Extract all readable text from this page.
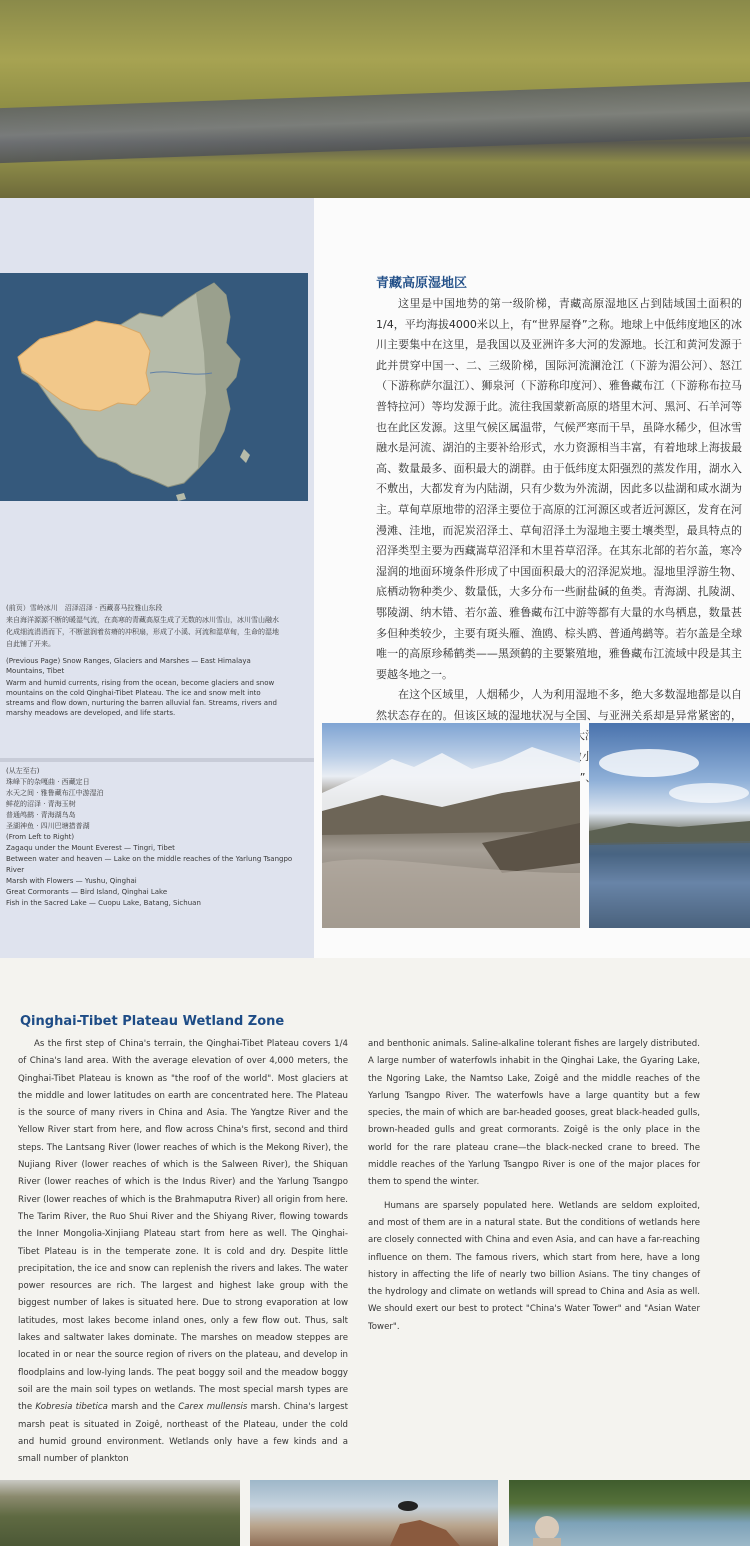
(前页）雪岭冰川　沼泽沼泽 · 西藏喜马拉雅山东段
来自海洋源源不断的暖湿气流，在高寒的青藏高原生成了无数的冰川雪山，冰川雪山融水化成细流涓涓而下，不断滋润着贫瘠的冲积扇，形成了小溪、河流和湿草甸，生命的湿地自此铺了开来。
(Previous Page) Snow Ranges, Glaciers and Marshes — East Himalaya Mountains, Tibet
Warm and humid currents, rising from the ocean, become glaciers and snow mountains on the cold Qinghai-Tibet Plateau. The ice and snow melt into streams and flow down, nurturing the barren alluvial fan. Streams, rivers and marshy meadows are developed, and life starts.
(从左至右)
珠峰下的杂嘎曲 · 西藏定日
水天之间 · 雅鲁藏布江中游湿泊
鲜花的沼泽 · 青海玉树
普通鸬鹚 · 青海湖鸟岛
圣湖神鱼 · 四川巴塘措普湖
(From Left to Right)
Zagaqu under the Mount Everest — Tingri, Tibet
Between water and heaven — Lake on the middle reaches of the Yarlung Tsangpo River
Marsh with Flowers — Yushu, Qinghai
Great Cormorants — Bird Island, Qinghai Lake
Fish in the Sacred Lake — Cuopu Lake, Batang, Sichuan
青藏高原湿地区

这里是中国地势的第一级阶梯，青藏高原湿地区占到陆域国土面积的1/4，平均海拔4000米以上，有“世界屋脊”之称。地球上中低纬度地区的冰川主要集中在这里，是我国以及亚洲许多大河的发源地。长江和黄河发源于此并贯穿中国一、二、三级阶梯，国际河流澜沧江（下游为湄公河）、怒江（下游称萨尔温江）、狮泉河（下游称印度河）、雅鲁藏布江（下游称布拉马普特拉河）等均发源于此。流往我国蒙新高原的塔里木河、黑河、石羊河等也在此区发源。这里气候区属温带，气候严寒而干旱，虽降水稀少，但冰雪融水是河流、湖泊的主要补给形式，水力资源相当丰富，有着地球上海拔最高、数量最多、面积最大的湖群。由于低纬度太阳强烈的蒸发作用，湖水入不敷出，大都发育为内陆湖，只有少数为外流湖，因此多以盐湖和咸水湖为主。草甸草原地带的沼泽主要位于高原的江河源区或者近河源区，发育在河漫滩、洼地，而泥炭沼泽土、草甸沼泽土为湿地主要土壤类型，最具特点的沼泽类型主要为西藏嵩草沼泽和木里苔草沼泽。在其东北部的若尔盖，寒冷湿润的地面环境条件形成了中国面积最大的沼泽泥炭地。湿地里浮游生物、底栖动物种类少、数量低，大多分布一些耐盐碱的鱼类。青海湖、扎陵湖、鄂陵湖、纳木错、若尔盖、雅鲁藏布江中游等都有大量的水鸟栖息，数量甚多但种类较少，主要有斑头雁、渔鸥、棕头鸥、普通鸬鹚等。若尔盖是全球唯一的高原珍稀鹤类——黑颈鹤的主要繁殖地，雅鲁藏布江流域中段是其主要越冬地之一。

在这个区域里，人烟稀少，人为利用湿地不多，绝大多数湿地都是以自然状态存在的。但该区域的湿地状况与全国、与亚洲关系却是异常紧密的， 微小变 ”

Qinghai-Tibet Plateau Wetland Zone

As the first step of China's terrain, the Qinghai-Tibet Plateau covers 1/4 of China's land area. With the average elevation of over 4,000 meters, the Qinghai-Tibet Plateau is known as "the roof of the world". Most glaciers at the middle and lower latitudes on earth are concentrated here. The Plateau is the source of many rivers in China and Asia. The Yangtze River and the Yellow River start from here, and flow across China's first, second and third steps. The Lantsang River (lower reaches of which is the Mekong River), the Nujiang River (lower reaches of which is the Salween River), the Shiquan River (lower reaches of which is the Indus River) and the Yarlung Tsangpo River (lower reaches of which is the Brahmaputra River) all origin from here. The Tarim River, the Ruo Shui River and the Shiyang River, flowing towards the Inner Mongolia-Xinjiang Plateau start from here as well. The Qinghai-Tibet Plateau is in the temperate zone. It is cold and dry. Despite little precipitation, the ice and snow can replenish the rivers and lakes. The water power resources are rich. The largest and highest lake group with the biggest number of lakes is situated here. Due to strong evaporation at low latitudes, most lakes become inland ones, only a few flow out. Thus, salt lakes and saltwater lakes dominate. The marshes on meadow steppes are located in or near the source region of rivers on the plateau, and develop in floodplains and low-lying lands. The peat boggy soil and the meadow boggy soil are the main soil types on wetlands. The most special marsh types are the Kobresia tibetica marsh and the Carex mullensis marsh. China's largest marsh peat is situated in Zoigê, northeast of the Plateau, under the cold and humid ground environment. Wetlands only have a few kinds and a small number of plankton

and benthonic animals. Saline-alkaline tolerant fishes are largely distributed. A large number of waterfowls inhabit in the Qinghai Lake, the Gyaring Lake, the Ngoring Lake, the Namtso Lake, Zoigê and the middle reaches of the Yarlung Tsangpo River. The waterfowls have a large quantity but a few species, the main of which are bar-headed gooses, great black-headed gulls, brown-headed gulls and great cormorants. Zoigê is the only place in the world for the rare plateau crane—the black-necked crane to breed. The middle reaches of the Yarlung Tsangpo River is one of the major places for them to spend the winter.

Humans are sparsely populated here. Wetlands are seldom exploited, and most of them are in a natural state. But the conditions of wetlands here are closely connected with China and even Asia, and can have a far-reaching influence on them. The famous rivers, which start from here, have a long history in affecting the life of nearly two billion Asians. The tiny changes of the hydrology and climate on wetlands will spread to China and Asia as well. We should exert our best to protect "China's Water Tower" and "Asian Water Tower".
